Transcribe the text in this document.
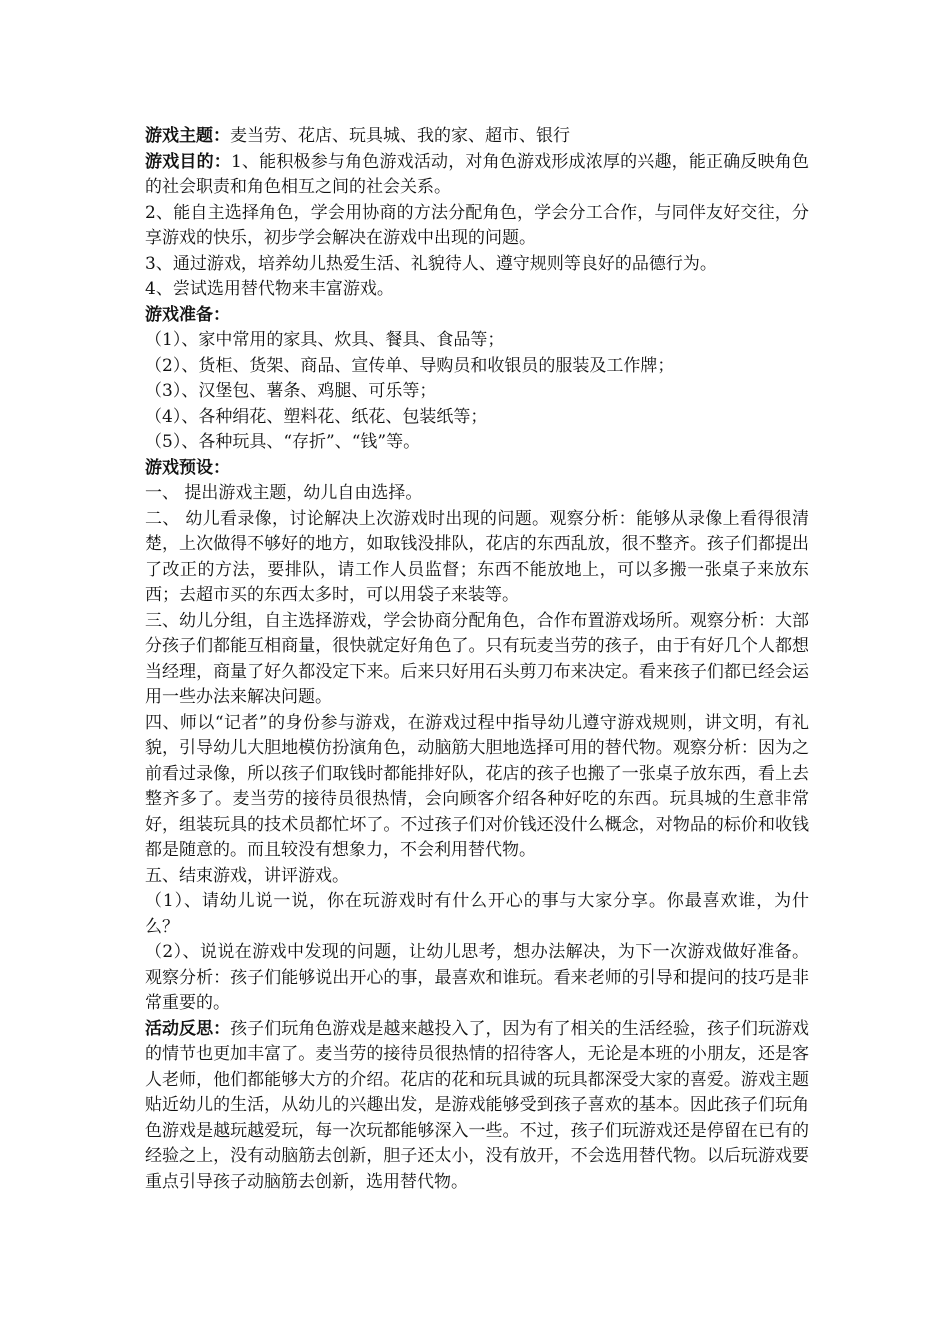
游戏主题：麦当劳、花店、玩具城、我的家、超市、银行

游戏目的：1、能积极参与角色游戏活动，对角色游戏形成浓厚的兴趣，能正确反映角色的社会职责和角色相互之间的社会关系。

2、能自主选择角色，学会用协商的方法分配角色，学会分工合作，与同伴友好交往，分享游戏的快乐，初步学会解决在游戏中出现的问题。

3、通过游戏，培养幼儿热爱生活、礼貌待人、遵守规则等良好的品德行为。

4、尝试选用替代物来丰富游戏。

游戏准备：

（1）、家中常用的家具、炊具、餐具、食品等；

（2）、货柜、货架、商品、宣传单、导购员和收银员的服装及工作牌；

（3）、汉堡包、薯条、鸡腿、可乐等；

（4）、各种绢花、塑料花、纸花、包装纸等；

（5）、各种玩具、“存折”、“钱”等。

游戏预设：

一、 提出游戏主题，幼儿自由选择。

二、 幼儿看录像，讨论解决上次游戏时出现的问题。观察分析：能够从录像上看得很清楚，上次做得不够好的地方，如取钱没排队，花店的东西乱放，很不整齐。孩子们都提出了改正的方法，要排队，请工作人员监督；东西不能放地上，可以多搬一张桌子来放东西；去超市买的东西太多时，可以用袋子来装等。

三、幼儿分组，自主选择游戏，学会协商分配角色，合作布置游戏场所。观察分析：大部分孩子们都能互相商量，很快就定好角色了。只有玩麦当劳的孩子，由于有好几个人都想当经理，商量了好久都没定下来。后来只好用石头剪刀布来决定。看来孩子们都已经会运用一些办法来解决问题。

四、师以“记者”的身份参与游戏，在游戏过程中指导幼儿遵守游戏规则，讲文明，有礼貌，引导幼儿大胆地模仿扮演角色，动脑筋大胆地选择可用的替代物。观察分析：因为之前看过录像，所以孩子们取钱时都能排好队，花店的孩子也搬了一张桌子放东西，看上去整齐多了。麦当劳的接待员很热情，会向顾客介绍各种好吃的东西。玩具城的生意非常好，组装玩具的技术员都忙坏了。不过孩子们对价钱还没什么概念，对物品的标价和收钱都是随意的。而且较没有想象力，不会利用替代物。

五、结束游戏，讲评游戏。

（1）、请幼儿说一说，你在玩游戏时有什么开心的事与大家分享。你最喜欢谁，为什么？

（2）、说说在游戏中发现的问题，让幼儿思考，想办法解决，为下一次游戏做好准备。观察分析：孩子们能够说出开心的事，最喜欢和谁玩。看来老师的引导和提问的技巧是非常重要的。

活动反思：孩子们玩角色游戏是越来越投入了，因为有了相关的生活经验，孩子们玩游戏的情节也更加丰富了。麦当劳的接待员很热情的招待客人，无论是本班的小朋友，还是客人老师，他们都能够大方的介绍。花店的花和玩具诚的玩具都深受大家的喜爱。游戏主题贴近幼儿的生活，从幼儿的兴趣出发，是游戏能够受到孩子喜欢的基本。因此孩子们玩角色游戏是越玩越爱玩，每一次玩都能够深入一些。不过，孩子们玩游戏还是停留在已有的经验之上，没有动脑筋去创新，胆子还太小，没有放开，不会选用替代物。以后玩游戏要重点引导孩子动脑筋去创新，选用替代物。
